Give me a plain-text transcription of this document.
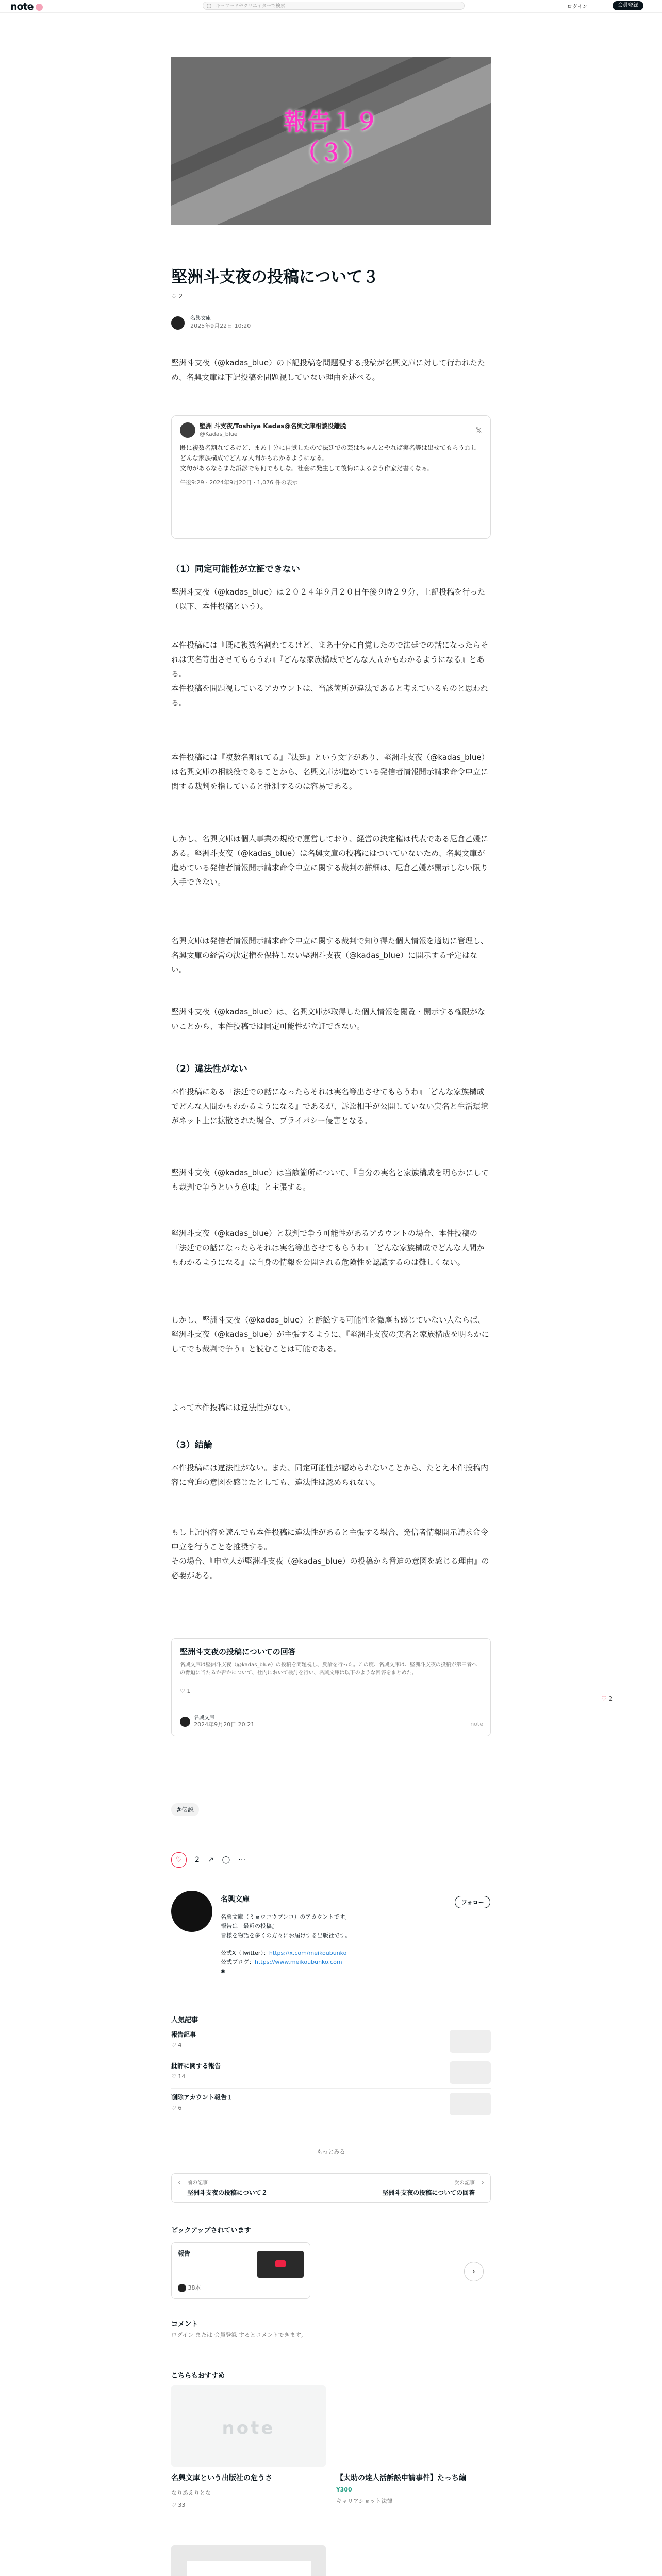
note	キーワードやクリエイターで検索	ログイン	会員登録
報告１９
（３）
堅洲斗支夜の投稿について３
♡ 2
名興文庫
2025年9月22日 10:20
堅洲斗支夜（@kadas_blue）の下記投稿を問題視する投稿が名興文庫に対して行われたため、名興文庫は下記投稿を問題視していない理由を述べる。
堅洲 斗支夜/Toshiya Kadas@名興文庫相談役離脱
@Kadas_blue	𝕏
既に複数名割れてるけど、まあ十分に自覚したので法廷での芸はちゃんとやれば実名等は出せてもらうわし
どんな家族構成でどんな人間かもわかるようになる。
文句があるならまた訴訟でも何でもしな。社会に発生して後悔によるまう作家だ書くなぁ。
午後9:29 · 2024年9月20日 · 1,076 件の表示
（1）同定可能性が立証できない
堅洲斗支夜（@kadas_blue）は２０２４年９月２０日午後９時２９分、上記投稿を行った（以下、本件投稿という）。
本件投稿には『既に複数名割れてるけど、まあ十分に自覚したので法廷での話になったらそれは実名等出させてもらうわ』『どんな家族構成でどんな人間かもわかるようになる』とある。
本件投稿を問題視しているアカウントは、当該箇所が違法であると考えているものと思われる。
本件投稿には『複数名割れてる』『法廷』という文字があり、堅洲斗支夜（@kadas_blue）は名興文庫の相談役であることから、名興文庫が進めている発信者情報開示請求命令申立に関する裁判を指していると推測するのは容易である。
しかし、名興文庫は個人事業の規模で運営しており、経営の決定権は代表である尼倉乙媛にある。堅洲斗支夜（@kadas_blue）は名興文庫の投稿にはついていないため、名興文庫が進めている発信者情報開示請求命令申立に関する裁判の詳細は、尼倉乙媛が開示しない限り入手できない。
名興文庫は発信者情報開示請求命令申立に関する裁判で知り得た個人情報を適切に管理し、名興文庫の経営の決定権を保持しない堅洲斗支夜（@kadas_blue）に開示する予定はない。
堅洲斗支夜（@kadas_blue）は、名興文庫が取得した個人情報を閲覧・開示する権限がないことから、本件投稿では同定可能性が立証できない。
（2）違法性がない
本件投稿にある『法廷での話になったらそれは実名等出させてもらうわ』『どんな家族構成でどんな人間かもわかるようになる』であるが、訴訟相手が公開していない実名と生活環境がネット上に拡散された場合、プライバシー侵害となる。
堅洲斗支夜（@kadas_blue）は当該箇所について、『自分の実名と家族構成を明らかにしても裁判で争うという意味』と主張する。
堅洲斗支夜（@kadas_blue）と裁判で争う可能性があるアカウントの場合、本件投稿の『法廷での話になったらそれは実名等出させてもらうわ』『どんな家族構成でどんな人間かもわかるようになる』は自身の情報を公開される危険性を認識するのは難しくない。
しかし、堅洲斗支夜（@kadas_blue）と訴訟する可能性を微塵も感じていない人ならば、堅洲斗支夜（@kadas_blue）が主張するように、『堅洲斗支夜の実名と家族構成を明らかにしてでも裁判で争う』と読むことは可能である。
よって本件投稿には違法性がない。
（3）結論
本件投稿には違法性がない。また、同定可能性が認められないことから、たとえ本件投稿内容に脅迫の意図を感じたとしても、違法性は認められない。
もし上記内容を読んでも本件投稿に違法性があると主張する場合、発信者情報開示請求命令申立を行うことを推奨する。
その場合、『申立人が堅洲斗支夜（@kadas_blue）の投稿から脅迫の意図を感じる理由』の必要がある。
堅洲斗支夜の投稿についての回答
名興文庫は堅洲斗支夜（@kadas_blue）の投稿を問題視し、反論を行った。この度、名興文庫は、堅洲斗支夜の投稿が第三者への脅迫に当たるか否かについて、社内において検討を行い、名興文庫は以下のような回答をまとめた。
♡ 1
名興文庫
2024年9月20日 20:21	note
#伝説
♡	2 ↗ ◯ ⋯
名興文庫	フォロー
名興文庫（ミョウコウブンコ）のアカウントです。
報告は『最近の投稿』
皆様を物語を多くの方々にお届けする出版社です。
公式X（Twitter）：https://x.com/meikoubunko
公式ブログ：https://www.meikoubunko.com
◉
人気記事
報告記事
♡ 4
批評に関する報告
♡ 14
削除アカウント報告１
♡ 6
もっとみる
‹ 前の記事
堅洲斗支夜の投稿について２
次の記事
堅洲斗支夜の投稿についての回答
›
ピックアップされています
報告
38本
›
コメント
ログイン または 会員登録 するとコメントできます。
こちらもおすすめ
note
名興文庫という出版社の危うさ
なりあえりとな
♡ 33
【太助の達人活訴訟申請事件】たっち編
¥300
キャリアショット法律
♡ 2
